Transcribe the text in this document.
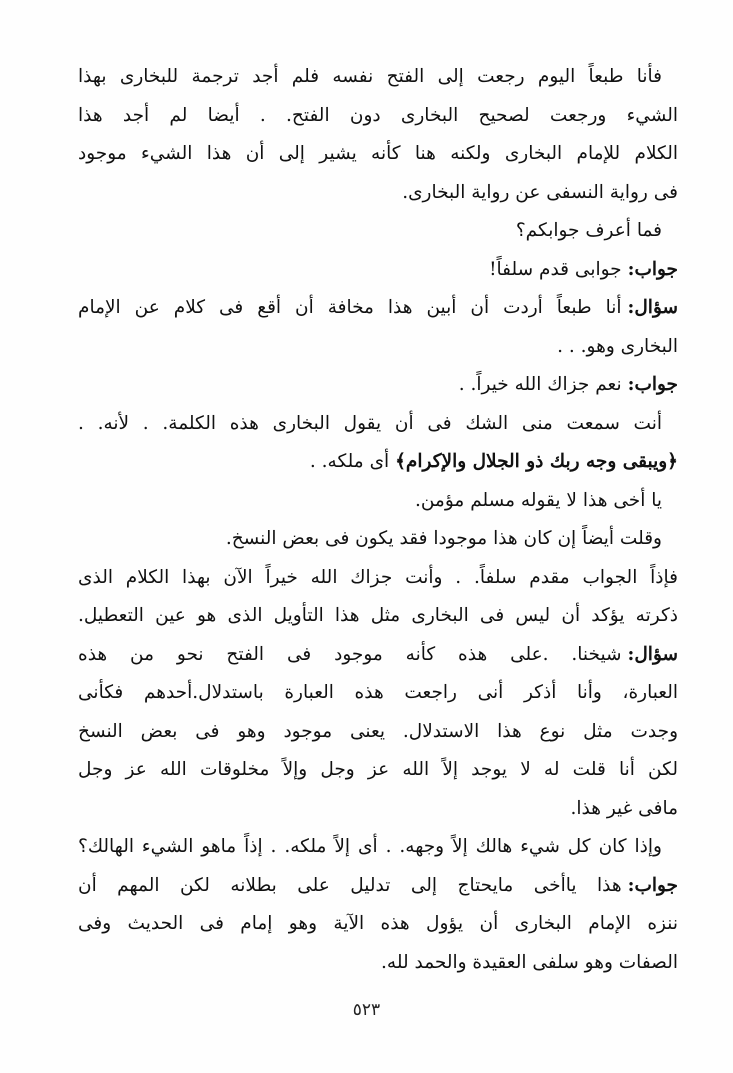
فأنا طبعاً اليوم رجعت إلى الفتح نفسه فلم أجد ترجمة للبخارى بهذا
الشيء ورجعت لصحيح البخارى دون الفتح. . أيضا لم أجد هذا
الكلام للإمام البخارى ولكنه هنا كأنه يشير إلى أن هذا الشيء موجود
فى رواية النسفى عن رواية البخارى.
فما أعرف جوابكم؟
جواب:جوابى قدم سلفاً!
سؤال:أنا طبعاً أردت أن أبين هذا مخافة أن أقع فى كلام عن الإمام
البخارى وهو. . .
جواب:نعم جزاك الله خيراً. .
أنت سمعت منى الشك فى أن يقول البخارى هذه الكلمة. . لأنه. .
﴿ويبقى وجه ربك ذو الجلال والإكرام﴾ أى ملكه. .
يا أخى هذا لا يقوله مسلم مؤمن.
وقلت أيضاً إن كان هذا موجودا فقد يكون فى بعض النسخ.
فإذاً الجواب مقدم سلفاً. . وأنت جزاك الله خيراً الآن بهذا الكلام الذى
ذكرته يؤكد أن ليس فى البخارى مثل هذا التأويل الذى هو عين التعطيل.
سؤال:شيخنا. .على هذه كأنه موجود فى الفتح نحو من هذه
العبارة، وأنا أذكر أنى راجعت هذه العبارة باستدلال.أحدهم فكأنى
وجدت مثل نوع هذا الاستدلال. يعنى موجود وهو فى بعض النسخ
لكن أنا قلت له لا يوجد إلاً الله عز وجل وإلاً مخلوقات الله عز وجل
مافى غير هذا.
وإذا كان كل شيء هالك إلاً وجهه. . أى إلاً ملكه. . إذاً ماهو الشيء الهالك؟
جواب:هذا ياأخى مايحتاج إلى تدليل على بطلانه لكن المهم أن
ننزه الإمام البخارى أن يؤول هذه الآية وهو إمام فى الحديث وفى
الصفات وهو سلفى العقيدة والحمد لله.
٥٢٣
